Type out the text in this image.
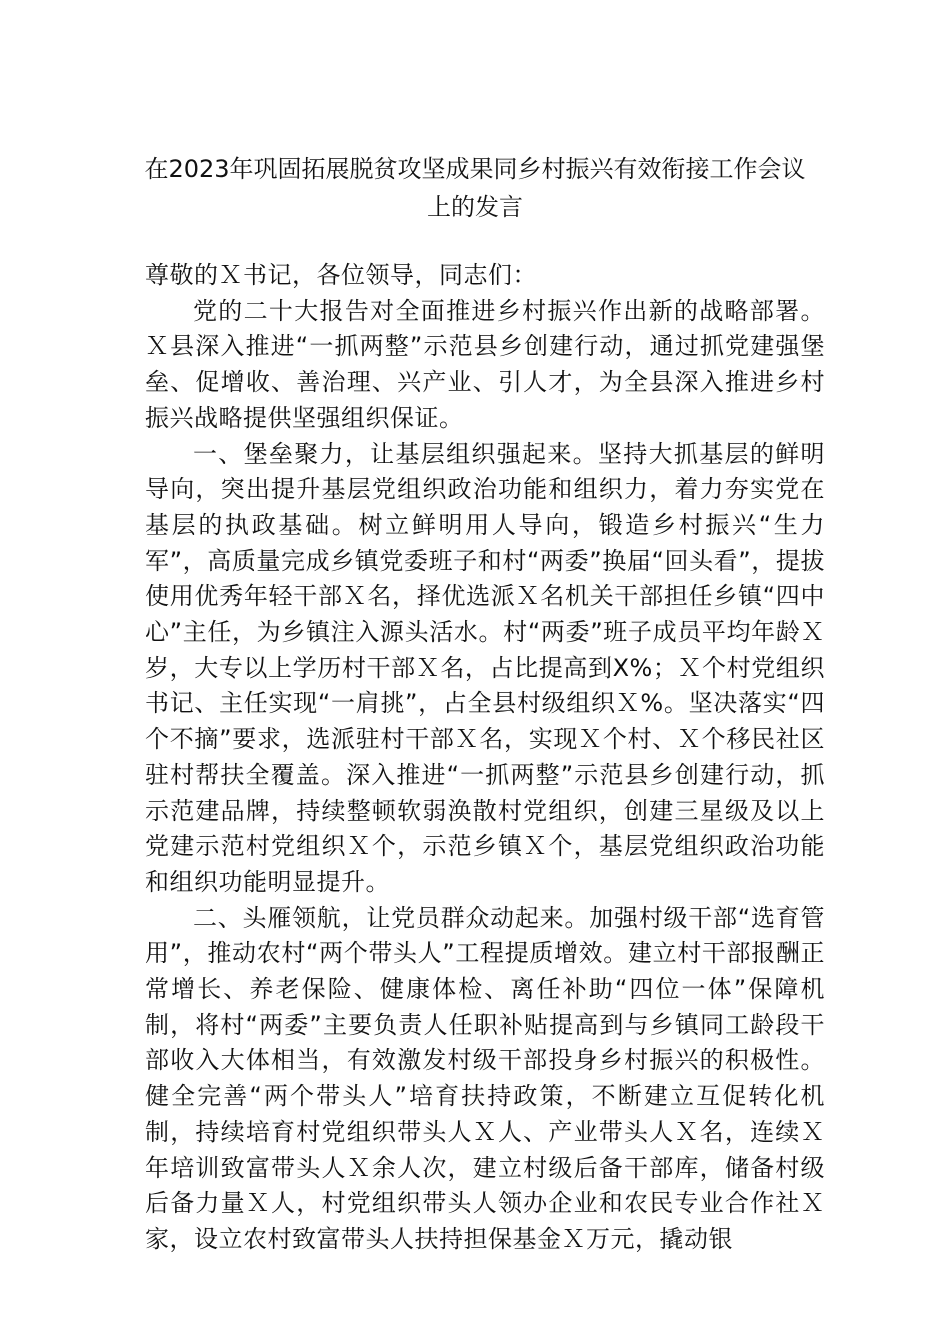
在2023年巩固拓展脱贫攻坚成果同乡村振兴有效衔接工作会议上的发言

尊敬的Ｘ书记，各位领导，同志们：

党的二十大报告对全面推进乡村振兴作出新的战略部署。Ｘ县深入推进“一抓两整”示范县乡创建行动，通过抓党建强堡垒、促增收、善治理、兴产业、引人才，为全县深入推进乡村振兴战略提供坚强组织保证。

一、堡垒聚力，让基层组织强起来。坚持大抓基层的鲜明导向，突出提升基层党组织政治功能和组织力，着力夯实党在基层的执政基础。树立鲜明用人导向，锻造乡村振兴“生力军”，高质量完成乡镇党委班子和村“两委”换届“回头看”，提拔使用优秀年轻干部Ｘ名，择优选派Ｘ名机关干部担任乡镇“四中心”主任，为乡镇注入源头活水。村“两委”班子成员平均年龄Ｘ岁，大专以上学历村干部Ｘ名，占比提高到X%；Ｘ个村党组织书记、主任实现“一肩挑”，占全县村级组织Ｘ%。坚决落实“四个不摘”要求，选派驻村干部Ｘ名，实现Ｘ个村、Ｘ个移民社区驻村帮扶全覆盖。深入推进“一抓两整”示范县乡创建行动，抓示范建品牌，持续整顿软弱涣散村党组织，创建三星级及以上党建示范村党组织Ｘ个，示范乡镇Ｘ个，基层党组织政治功能和组织功能明显提升。

二、头雁领航，让党员群众动起来。加强村级干部“选育管用”，推动农村“两个带头人”工程提质增效。建立村干部报酬正常增长、养老保险、健康体检、离任补助“四位一体”保障机制，将村“两委”主要负责人任职补贴提高到与乡镇同工龄段干部收入大体相当，有效激发村级干部投身乡村振兴的积极性。健全完善“两个带头人”培育扶持政策，不断建立互促转化机制，持续培育村党组织带头人Ｘ人、产业带头人Ｘ名，连续Ｘ年培训致富带头人Ｘ余人次，建立村级后备干部库，储备村级后备力量Ｘ人，村党组织带头人领办企业和农民专业合作社Ｘ家，设立农村致富带头人扶持担保基金Ｘ万元，撬动银
